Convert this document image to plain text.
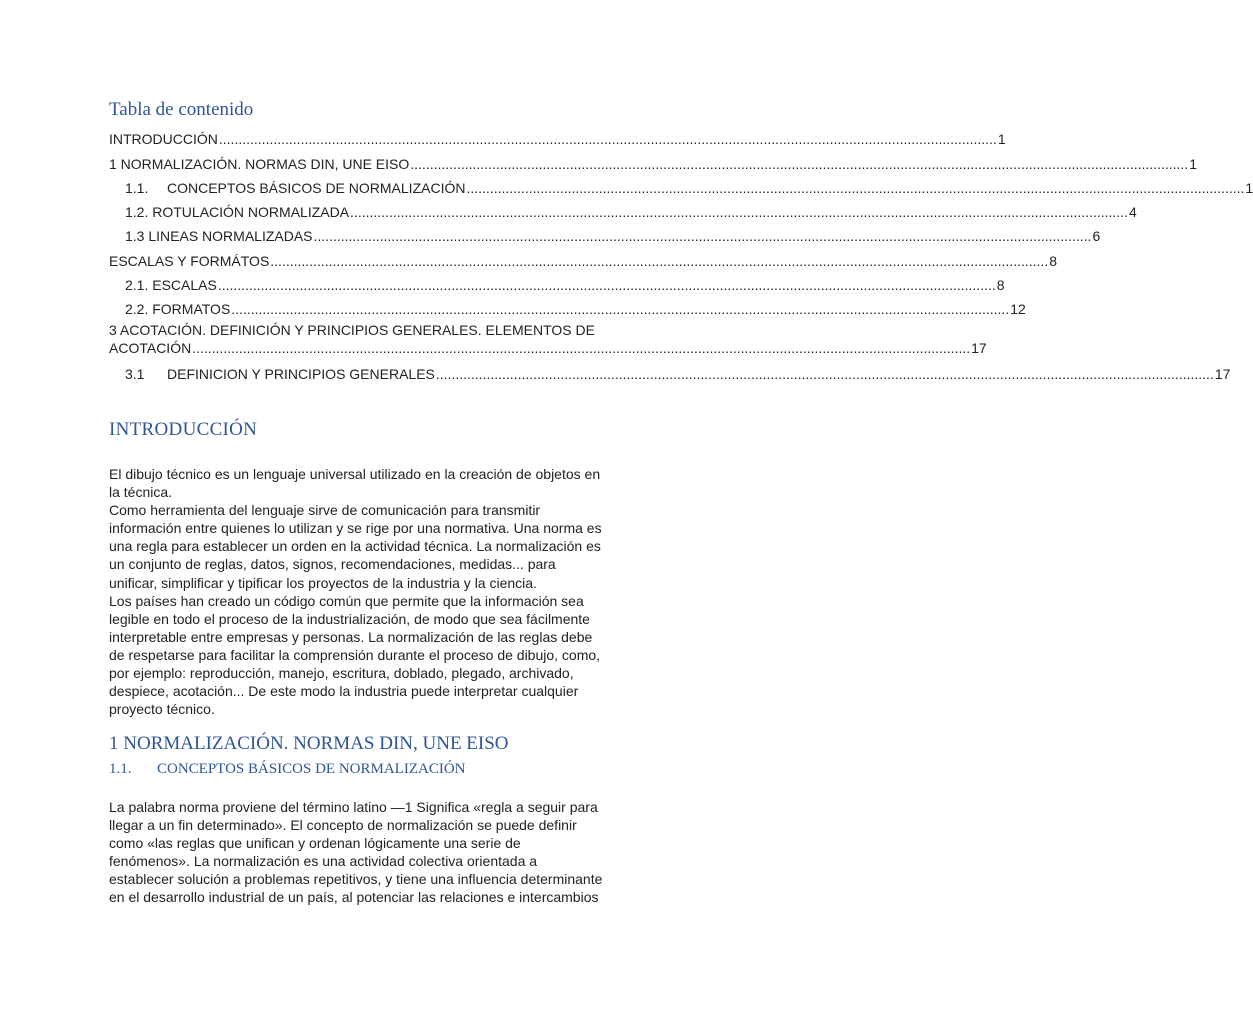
Tabla de contenido
INTRODUCCIÓN ........................................................................................................................................................................................................ 1
1 NORMALIZACIÓN. NORMAS DIN, UNE EISO ........................................................................................................................................................................................................ 1
1.1. CONCEPTOS BÁSICOS DE NORMALIZACIÓN ........................................................................................................................................................................................................ 1
1.2. ROTULACIÓN NORMALIZADA ........................................................................................................................................................................................................ 4
1.3 LINEAS NORMALIZADAS ........................................................................................................................................................................................................ 6
ESCALAS Y FORMÁTOS ........................................................................................................................................................................................................ 8
2.1. ESCALAS ........................................................................................................................................................................................................ 8
2.2. FORMATOS ........................................................................................................................................................................................................ 12
3 ACOTACIÓN. DEFINICIÓN Y PRINCIPIOS GENERALES. ELEMENTOS DE
ACOTACIÓN ........................................................................................................................................................................................................ 17
3.1 DEFINICION Y PRINCIPIOS GENERALES ........................................................................................................................................................................................................ 17
INTRODUCCIÓN
El dibujo técnico es un lenguaje universal utilizado en la creación de objetos en
la técnica.
Como herramienta del lenguaje sirve de comunicación para transmitir
información entre quienes lo utilizan y se rige por una normativa. Una norma es
una regla para establecer un orden en la actividad técnica. La normalización es
un conjunto de reglas, datos, signos, recomendaciones, medidas... para
unificar, simplificar y tipificar los proyectos de la industria y la ciencia.
Los países han creado un código común que permite que la información sea
legible en todo el proceso de la industrialización, de modo que sea fácilmente
interpretable entre empresas y personas. La normalización de las reglas debe
de respetarse para facilitar la comprensión durante el proceso de dibujo, como,
por ejemplo: reproducción, manejo, escritura, doblado, plegado, archivado,
despiece, acotación... De este modo la industria puede interpretar cualquier
proyecto técnico.
1 NORMALIZACIÓN. NORMAS DIN, UNE EISO
1.1. CONCEPTOS BÁSICOS DE NORMALIZACIÓN
La palabra norma proviene del término latino —1 Significa «regla a seguir para
llegar a un fin determinado». El concepto de normalización se puede definir
como «las reglas que unifican y ordenan lógicamente una serie de
fenómenos». La normalización es una actividad colectiva orientada a
establecer solución a problemas repetitivos, y tiene una influencia determinante
en el desarrollo industrial de un país, al potenciar las relaciones e intercambios
